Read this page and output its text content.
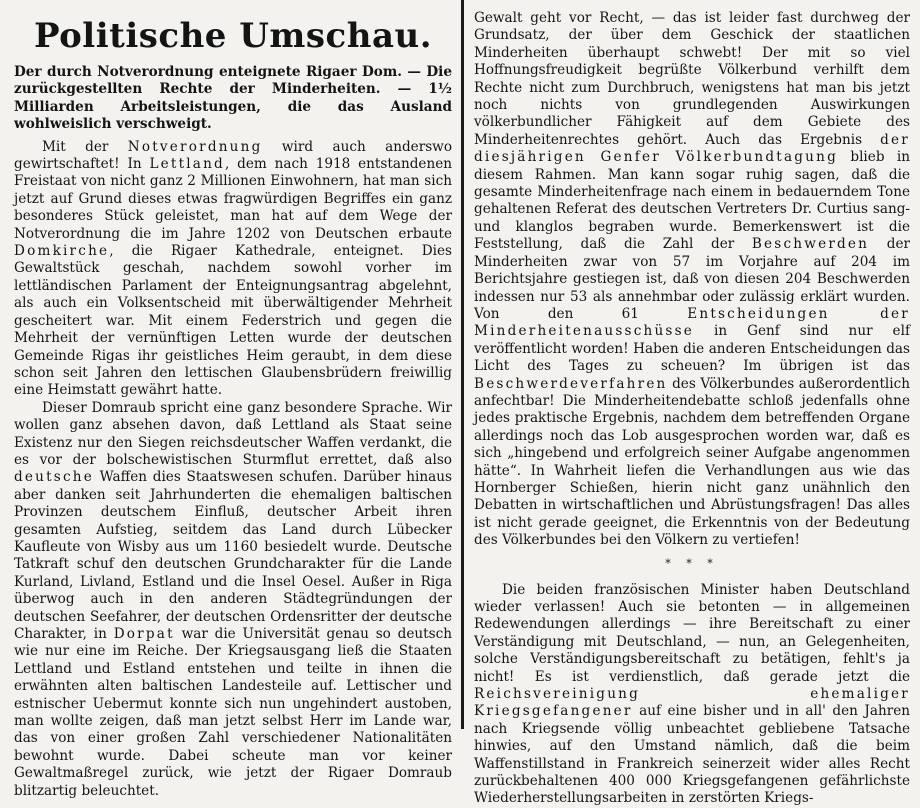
Politische Umschau.
Der durch Notverordnung enteignete Rigaer Dom. — Die zurückgestellten Rechte der Minderheiten. — 1½ Milliarden Arbeitsleistungen, die das Ausland wohlweislich verschweigt.

Mit der Notverordnung wird auch anderswo gewirtschaftet! In Lettland, dem nach 1918 entstandenen Freistaat von nicht ganz 2 Millionen Einwohnern, hat man sich jetzt auf Grund dieses etwas fragwürdigen Begriffes ein ganz besonderes Stück geleistet, man hat auf dem Wege der Notverordnung die im Jahre 1202 von Deutschen erbaute Domkirche, die Rigaer Kathedrale, enteignet. Dies Gewaltstück geschah, nachdem sowohl vorher im lettländischen Parlament der Enteignungsantrag abgelehnt, als auch ein Volksentscheid mit überwältigender Mehrheit gescheitert war. Mit einem Federstrich und gegen die Mehrheit der vernünftigen Letten wurde der deutschen Gemeinde Rigas ihr geistliches Heim geraubt, in dem diese schon seit Jahren den lettischen Glaubensbrüdern freiwillig eine Heimstatt gewährt hatte.

Dieser Domraub spricht eine ganz besondere Sprache. Wir wollen ganz absehen davon, daß Lettland als Staat seine Existenz nur den Siegen reichsdeutscher Waffen verdankt, die es vor der bolschewistischen Sturmflut errettet, daß also deutsche Waffen dies Staatswesen schufen. Darüber hinaus aber danken seit Jahrhunderten die ehemaligen baltischen Provinzen deutschem Einfluß, deutscher Arbeit ihren gesamten Aufstieg, seitdem das Land durch Lübecker Kaufleute von Wisby aus um 1160 besiedelt wurde. Deutsche Tatkraft schuf den deutschen Grundcharakter für die Lande Kurland, Livland, Estland und die Insel Oesel. Außer in Riga überwog auch in den anderen Städtegründungen der deutschen Seefahrer, der deutschen Ordensritter der deutsche Charakter, in Dorpat war die Universität genau so deutsch wie nur eine im Reiche. Der Kriegsausgang ließ die Staaten Lettland und Estland entstehen und teilte in ihnen die erwähnten alten baltischen Landesteile auf. Lettischer und estnischer Uebermut konnte sich nun ungehindert austoben, man wollte zeigen, daß man jetzt selbst Herr im Lande war, das von einer großen Zahl verschiedener Nationalitäten bewohnt wurde. Dabei scheute man vor keiner Gewaltmaßregel zurück, wie jetzt der Rigaer Domraub blitzartig beleuchtet.

Gewalt geht vor Recht, — das ist leider fast durchweg der Grundsatz, der über dem Geschick der staatlichen Minderheiten überhaupt schwebt! Der mit so viel Hoffnungsfreudigkeit begrüßte Völkerbund verhilft dem Rechte nicht zum Durchbruch, wenigstens hat man bis jetzt noch nichts von grundlegenden Auswirkungen völkerbundlicher Fähigkeit auf dem Gebiete des Minderheitenrechtes gehört. Auch das Ergebnis der diesjährigen Genfer Völkerbundtagung blieb in diesem Rahmen. Man kann sogar ruhig sagen, daß die gesamte Minderheitenfrage nach einem in bedauerndem Tone gehaltenen Referat des deutschen Vertreters Dr. Curtius sang- und klanglos begraben wurde. Bemerkenswert ist die Feststellung, daß die Zahl der Beschwerden der Minderheiten zwar von 57 im Vorjahre auf 204 im Berichtsjahre gestiegen ist, daß von diesen 204 Beschwerden indessen nur 53 als annehmbar oder zulässig erklärt wurden. Von den 61 Entscheidungen der Minderheitenausschüsse in Genf sind nur elf veröffentlicht worden! Haben die anderen Entscheidungen das Licht des Tages zu scheuen? Im übrigen ist das Beschwerdeverfahren des Völkerbundes außerordentlich anfechtbar! Die Minderheitendebatte schloß jedenfalls ohne jedes praktische Ergebnis, nachdem dem betreffenden Organe allerdings noch das Lob ausgesprochen worden war, daß es sich „hingebend und erfolgreich seiner Aufgabe angenommen hätte“. In Wahrheit liefen die Verhandlungen aus wie das Hornberger Schießen, hierin nicht ganz unähnlich den Debatten in wirtschaftlichen und Abrüstungsfragen! Das alles ist nicht gerade geeignet, die Erkenntnis von der Bedeutung des Völkerbundes bei den Völkern zu vertiefen!

* * *

Die beiden französischen Minister haben Deutschland wieder verlassen! Auch sie betonten — in allgemeinen Redewendungen allerdings — ihre Bereitschaft zu einer Verständigung mit Deutschland, — nun, an Gelegenheiten, solche Verständigungsbereitschaft zu betätigen, fehlt's ja nicht! Es ist verdienstlich, daß gerade jetzt die Reichsvereinigung ehemaliger Kriegsgefangener auf eine bisher und in all' den Jahren nach Kriegsende völlig unbeachtet gebliebene Tatsache hinwies, auf den Umstand nämlich, daß die beim Waffenstillstand in Frankreich seinerzeit wider alles Recht zurückbehaltenen 400 000 Kriegsgefangenen gefährlichste Wiederherstellungsarbeiten in zerstörten Kriegs-
